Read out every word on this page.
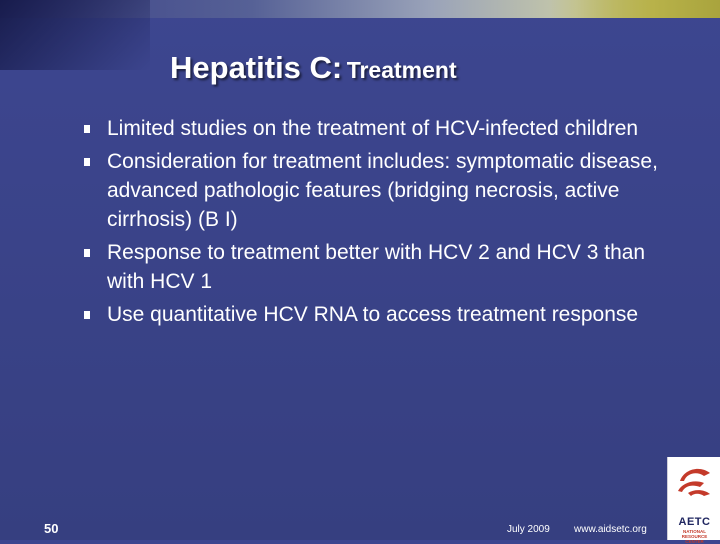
Hepatitis C: Treatment
Limited studies on the treatment of HCV-infected children
Consideration for treatment includes: symptomatic disease, advanced pathologic features (bridging necrosis, active cirrhosis) (B I)
Response to treatment better with HCV 2 and HCV 3 than with HCV 1
Use quantitative HCV RNA to access treatment response
50	July 2009 www.aidsetc.org
AETC
NATIONAL
RESOURCE
CENTER
